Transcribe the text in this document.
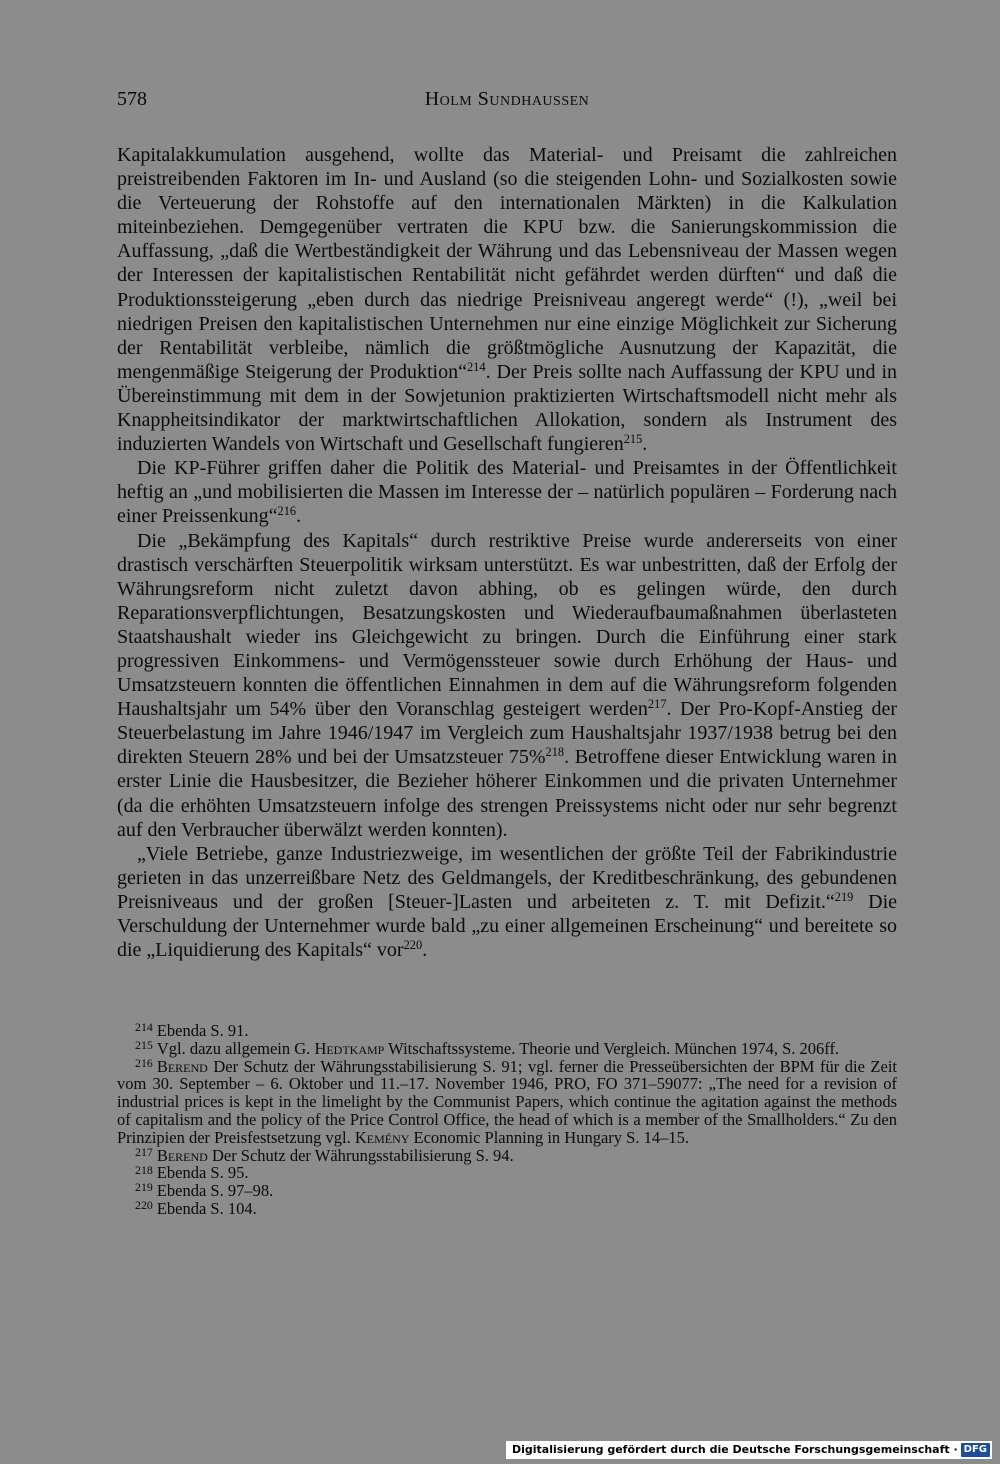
578	Holm Sundhaussen

Kapitalakkumulation ausgehend, wollte das Material- und Preisamt die zahlreichen preistreibenden Faktoren im In- und Ausland (so die steigenden Lohn- und Sozialkosten sowie die Verteuerung der Rohstoffe auf den internationalen Märkten) in die Kalkulation miteinbeziehen. Demgegenüber vertraten die KPU bzw. die Sanierungskommission die Auffassung, „daß die Wertbeständigkeit der Währung und das Lebensniveau der Massen wegen der Interessen der kapitalistischen Rentabilität nicht gefährdet werden dürften“ und daß die Produktionssteigerung „eben durch das niedrige Preisniveau angeregt werde“ (!), „weil bei niedrigen Preisen den kapitalistischen Unternehmen nur eine einzige Möglichkeit zur Sicherung der Rentabilität verbleibe, nämlich die größtmögliche Ausnutzung der Kapazität, die mengenmäßige Steigerung der Produktion“$^{214}$. Der Preis sollte nach Auffassung der KPU und in Übereinstimmung mit dem in der Sowjetunion praktizierten Wirtschaftsmodell nicht mehr als Knappheitsindikator der marktwirtschaftlichen Allokation, sondern als Instrument des induzierten Wandels von Wirtschaft und Gesellschaft fungieren$^{215}$.

Die KP-Führer griffen daher die Politik des Material- und Preisamtes in der Öffentlichkeit heftig an „und mobilisierten die Massen im Interesse der – natürlich populären – Forderung nach einer Preissenkung“$^{216}$.

Die „Bekämpfung des Kapitals“ durch restriktive Preise wurde andererseits von einer drastisch verschärften Steuerpolitik wirksam unterstützt. Es war unbestritten, daß der Erfolg der Währungsreform nicht zuletzt davon abhing, ob es gelingen würde, den durch Reparationsverpflichtungen, Besatzungskosten und Wiederaufbaumaßnahmen überlasteten Staatshaushalt wieder ins Gleichgewicht zu bringen. Durch die Einführung einer stark progressiven Einkommens- und Vermögenssteuer sowie durch Erhöhung der Haus- und Umsatzsteuern konnten die öffentlichen Einnahmen in dem auf die Währungsreform folgenden Haushaltsjahr um 54% über den Voranschlag gesteigert werden$^{217}$. Der Pro-Kopf-Anstieg der Steuerbelastung im Jahre 1946/1947 im Vergleich zum Haushaltsjahr 1937/1938 betrug bei den direkten Steuern 28% und bei der Umsatzsteuer 75%$^{218}$. Betroffene dieser Entwicklung waren in erster Linie die Hausbesitzer, die Bezieher höherer Einkommen und die privaten Unternehmer (da die erhöhten Umsatzsteuern infolge des strengen Preissystems nicht oder nur sehr begrenzt auf den Verbraucher überwälzt werden konnten).

„Viele Betriebe, ganze Industriezweige, im wesentlichen der größte Teil der Fabrikindustrie gerieten in das unzerreißbare Netz des Geldmangels, der Kreditbeschränkung, des gebundenen Preisniveaus und der großen [Steuer-]Lasten und arbeiteten z. T. mit Defizit.“$^{219}$ Die Verschuldung der Unternehmer wurde bald „zu einer allgemeinen Erscheinung“ und bereitete so die „Liquidierung des Kapitals“ vor$^{220}$.

$^{214}$ Ebenda S. 91.

$^{215}$ Vgl. dazu allgemein G. Hedtkamp Witschaftssysteme. Theorie und Vergleich. München 1974, S. 206ff.

$^{216}$ Berend Der Schutz der Währungsstabilisierung S. 91; vgl. ferner die Presseübersichten der BPM für die Zeit vom 30. September – 6. Oktober und 11.–17. November 1946, PRO, FO 371–59077: „The need for a revision of industrial prices is kept in the limelight by the Communist Papers, which continue the agitation against the methods of capitalism and the policy of the Price Control Office, the head of which is a member of the Smallholders.“ Zu den Prinzipien der Preisfestsetzung vgl. Kemény Economic Planning in Hungary S. 14–15.

$^{217}$ Berend Der Schutz der Währungsstabilisierung S. 94.

$^{218}$ Ebenda S. 95.

$^{219}$ Ebenda S. 97–98.

$^{220}$ Ebenda S. 104.

Digitalisierung gefördert durch die Deutsche Forschungsgemeinschaft · DFG
